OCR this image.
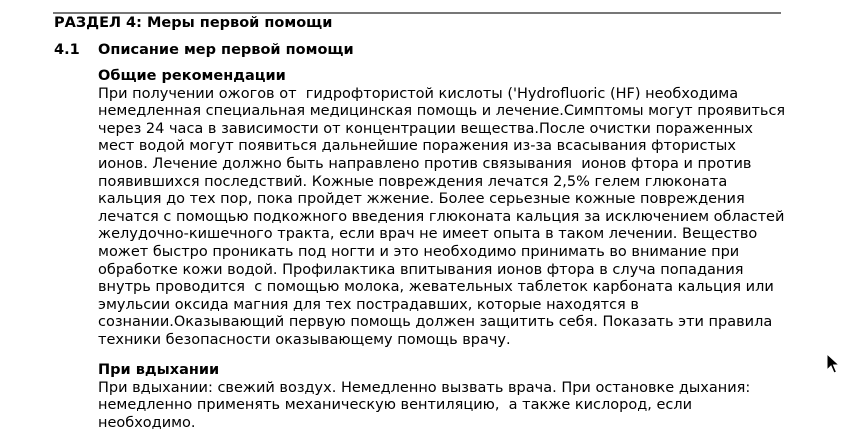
РАЗДЕЛ 4: Меры первой помощи
4.1 Описание мер первой помощи
Общие рекомендации
При получении ожогов от  гидрофтористой кислоты ('Hydrofluoric (HF) необходима
немедленная специальная медицинская помощь и лечение.Симптомы могут проявиться
через 24 часа в зависимости от концентрации вещества.После очистки пораженных
мест водой могут появиться дальнейшие поражения из-за всасывания фтористых
ионов. Лечение должно быть направлено против связывания  ионов фтора и против
появившихся последствий. Кожные повреждения лечатся 2,5% гелем глюконата
кальция до тех пор, пока пройдет жжение. Более серьезные кожные повреждения
лечатся с помощью подкожного введения глюконата кальция за исключением областей
желудочно-кишечного тракта, если врач не имеет опыта в таком лечении. Вещество
может быстро проникать под ногти и это необходимо принимать во внимание при
обработке кожи водой. Профилактика впитывания ионов фтора в случа попадания
внутрь проводится  с помощью молока, жевательных таблеток карбоната кальция или
эмульсии оксида магния для тех пострадавших, которые находятся в
сознании.Оказывающий первую помощь должен защитить себя. Показать эти правила
техники безопасности оказывающему помощь врачу.
При вдыхании
При вдыхании: свежий воздух. Немедленно вызвать врача. При остановке дыхания:
немедленно применять механическую вентиляцию,  а также кислород, если
необходимо.
